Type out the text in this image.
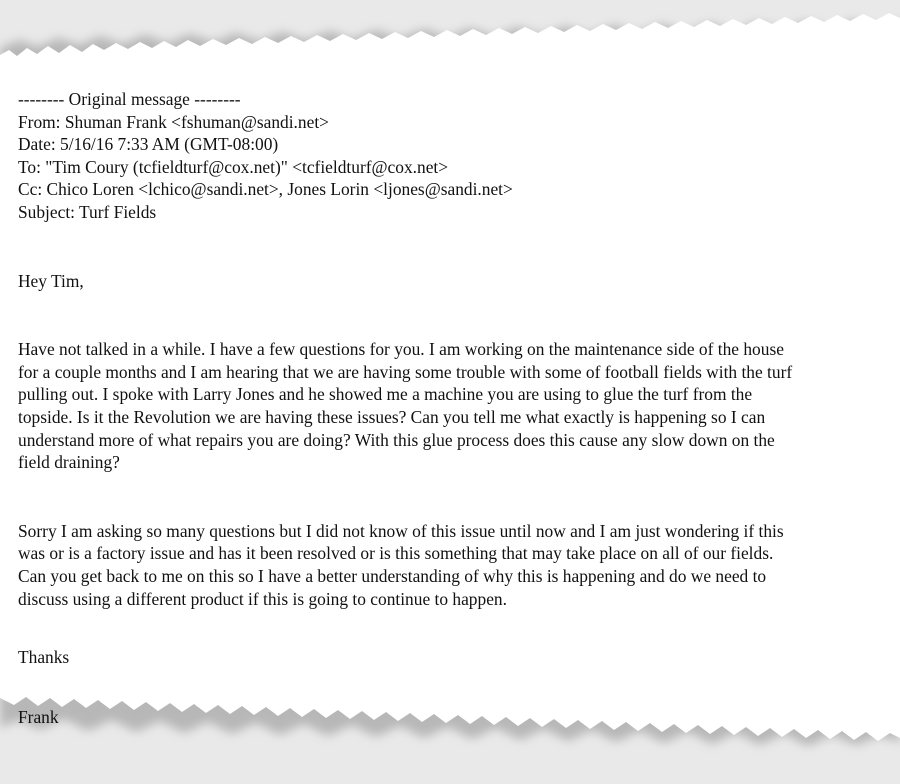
-------- Original message --------
From: Shuman Frank <fshuman@sandi.net>
Date: 5/16/16 7:33 AM (GMT-08:00)
To: "Tim Coury (tcfieldturf@cox.net)" <tcfieldturf@cox.net>
Cc: Chico Loren <lchico@sandi.net>, Jones Lorin <ljones@sandi.net>
Subject: Turf Fields
Hey Tim,
Have not talked in a while. I have a few questions for you. I am working on the maintenance side of the house
for a couple months and I am hearing that we are having some trouble with some of football fields with the turf
pulling out. I spoke with Larry Jones and he showed me a machine you are using to glue the turf from the
topside. Is it the Revolution we are having these issues? Can you tell me what exactly is happening so I can
understand more of what repairs you are doing? With this glue process does this cause any slow down on the
field draining?
Sorry I am asking so many questions but I did not know of this issue until now and I am just wondering if this
was or is a factory issue and has it been resolved or is this something that may take place on all of our fields.
Can you get back to me on this so I have a better understanding of why this is happening and do we need to
discuss using a different product if this is going to continue to happen.
Thanks
Frank
